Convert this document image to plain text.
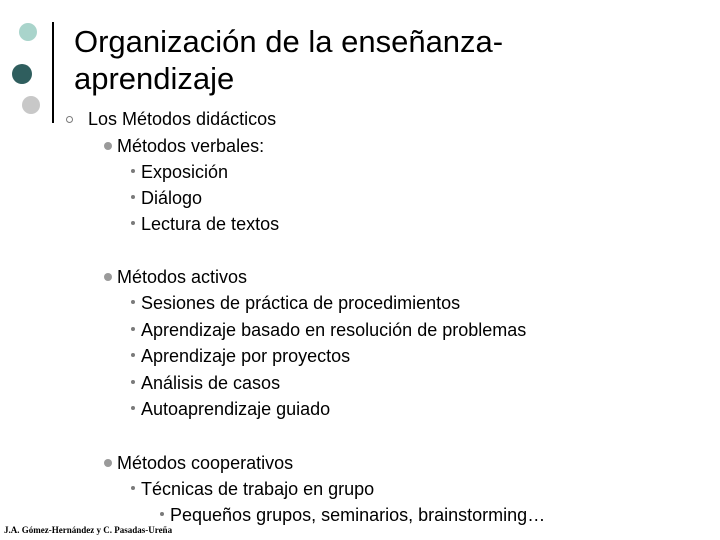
Organización de la enseñanza-
aprendizaje
Los Métodos didácticos
Métodos verbales:
Exposición
Diálogo
Lectura de textos
Métodos activos
Sesiones de práctica de procedimientos
Aprendizaje basado en resolución de problemas
Aprendizaje por proyectos
Análisis de casos
Autoaprendizaje guiado
Métodos cooperativos
Técnicas de trabajo en grupo
Pequeños grupos, seminarios, brainstorming…
J.A. Gómez-Hernández y C. Pasadas-Ureña
